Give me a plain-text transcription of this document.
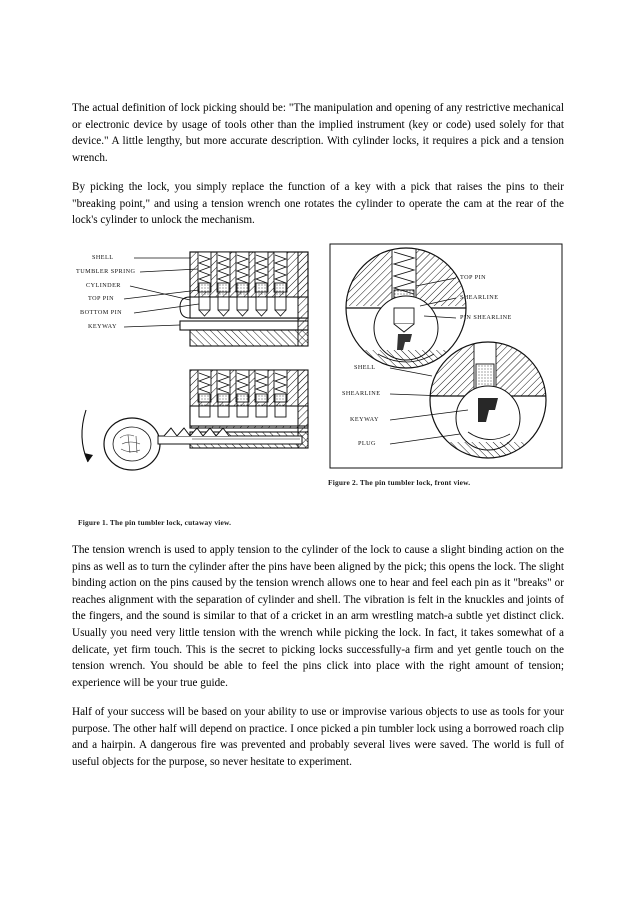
The actual definition of lock picking should be: "The manipulation and opening of any restrictive mechanical or electronic device by usage of tools other than the implied instrument (key or code) used solely for that device." A little lengthy, but more accurate description. With cylinder locks, it requires a pick and a tension wrench.

By picking the lock, you simply replace the function of a key with a pick that raises the pins to their "breaking point," and using a tension wrench one rotates the cylinder to operate the cam at the rear of the lock's cylinder to unlock the mechanism.

SHELL
TUMBLER SPRING
CYLINDER
TOP PIN
BOTTOM PIN
KEYWAY
Figure 1. The pin tumbler lock, cutaway view.
TOP PIN
SHEARLINE
PIN SHEARLINE
SHELL
SHEARLINE
KEYWAY
PLUG
Figure 2. The pin tumbler lock, front view.

The tension wrench is used to apply tension to the cylinder of the lock to cause a slight binding action on the pins as well as to turn the cylinder after the pins have been aligned by the pick; this opens the lock. The slight binding action on the pins caused by the tension wrench allows one to hear and feel each pin as it "breaks" or reaches alignment with the separation of cylinder and shell. The vibration is felt in the knuckles and joints of the fingers, and the sound is similar to that of a cricket in an arm wrestling match-a subtle yet distinct click. Usually you need very little tension with the wrench while picking the lock. In fact, it takes somewhat of a delicate, yet firm touch. This is the secret to picking locks successfully-a firm and yet gentle touch on the tension wrench. You should be able to feel the pins click into place with the right amount of tension; experience will be your true guide.

Half of your success will be based on your ability to use or improvise various objects to use as tools for your purpose. The other half will depend on practice. I once picked a pin tumbler lock using a borrowed roach clip and a hairpin. A dangerous fire was prevented and probably several lives were saved. The world is full of useful objects for the purpose, so never hesitate to experiment.
